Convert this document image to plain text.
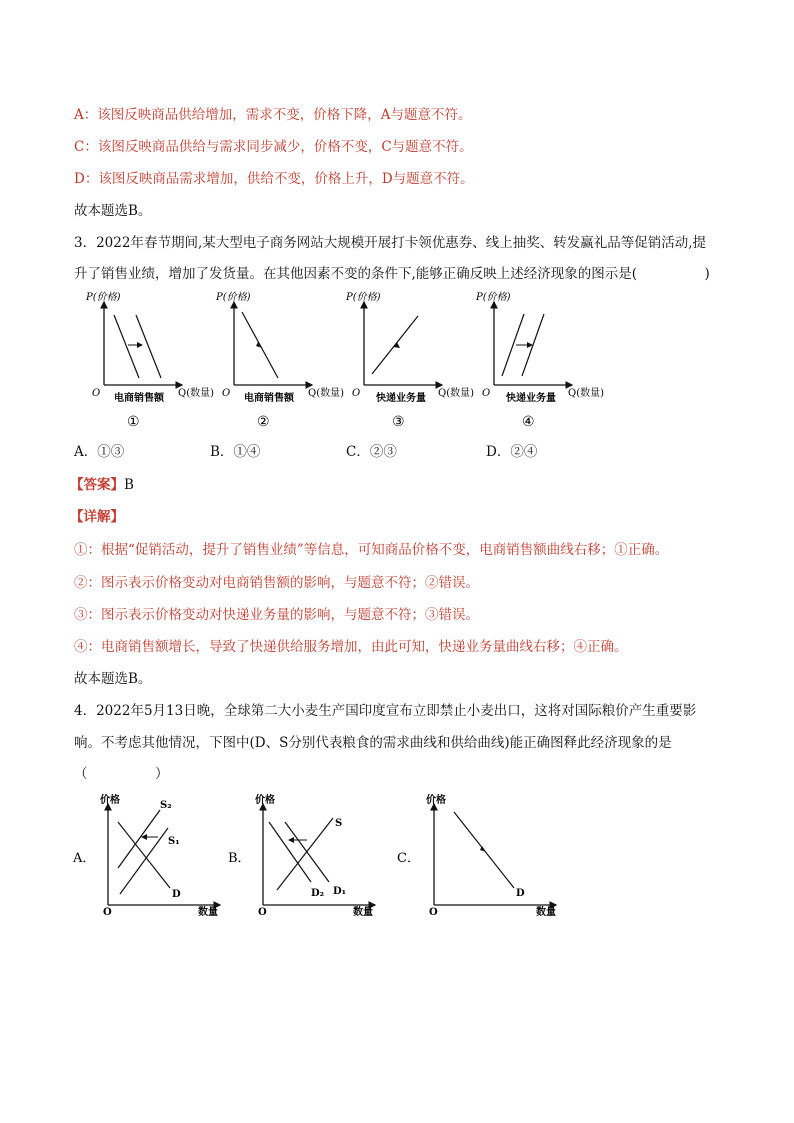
A：该图反映商品供给增加，需求不变，价格下降，A与题意不符。
C：该图反映商品供给与需求同步减少，价格不变，C与题意不符。
D：该图反映商品需求增加，供给不变，价格上升，D与题意不符。
故本题选B。
3．2022年春节期间,某大型电子商务网站大规模开展打卡领优惠券、线上抽奖、转发赢礼品等促销活动,提
升了销售业绩，增加了发货量。在其他因素不变的条件下,能够正确反映上述经济现象的图示是(　　　　　)
P(价格)
O	Q(数量)
电商销售额
①
P(价格)
O	Q(数量)
电商销售额
②
P(价格)
O	Q(数量)
快递业务量
③
P(价格)
O	Q(数量)
快递业务量
④
A．①③	B．①④	C．②③	D．②④
【答案】B
【详解】
①：根据“促销活动，提升了销售业绩”等信息，可知商品价格不变，电商销售额曲线右移；①正确。
②：图示表示价格变动对电商销售额的影响，与题意不符；②错误。
③：图示表示价格变动对快递业务量的影响，与题意不符；③错误。
④：电商销售额增长，导致了快递供给服务增加，由此可知，快递业务量曲线右移；④正确。
故本题选B。
4．2022年5月13日晚，全球第二大小麦生产国印度宣布立即禁止小麦出口，这将对国际粮价产生重要影
响。不考虑其他情况，下图中(D、S分别代表粮食的需求曲线和供给曲线)能正确图释此经济现象的是
（　　　　　）
A．
价格
O	数量
S₂
S₁
D
B．
价格
O	数量
S
D₂ D₁
C．
价格
O	数量
D
